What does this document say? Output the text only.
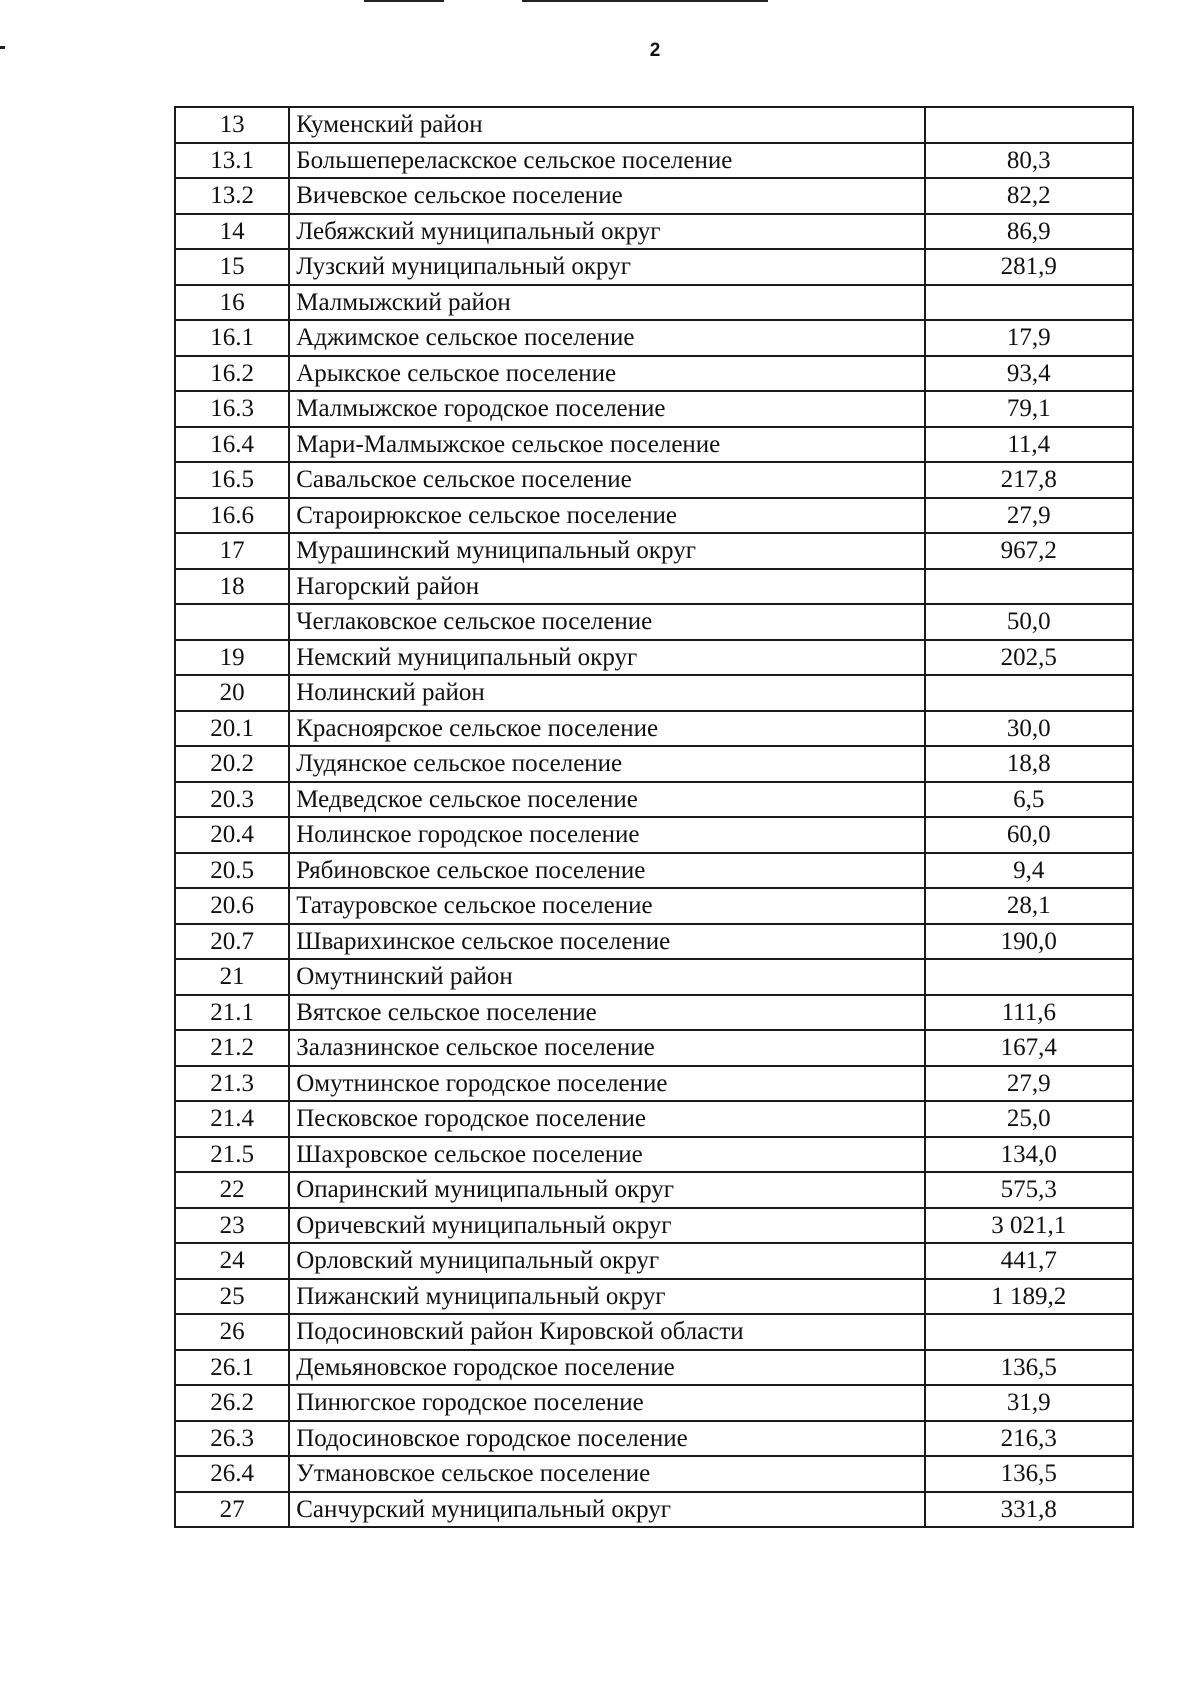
2
13	Куменский район	
13.1	Большепереласкское сельское поселение	80,3
13.2	Вичевское сельское поселение	82,2
14	Лебяжский муниципальный округ	86,9
15	Лузский муниципальный округ	281,9
16	Малмыжский район	
16.1	Аджимское сельское поселение	17,9
16.2	Арыкское сельское поселение	93,4
16.3	Малмыжское городское поселение	79,1
16.4	Мари-Малмыжское сельское поселение	11,4
16.5	Савальское сельское поселение	217,8
16.6	Староирюкское сельское поселение	27,9
17	Мурашинский муниципальный округ	967,2
18	Нагорский район	
	Чеглаковское сельское поселение	50,0
19	Немский муниципальный округ	202,5
20	Нолинский район	
20.1	Красноярское сельское поселение	30,0
20.2	Лудянское сельское поселение	18,8
20.3	Медведское сельское поселение	6,5
20.4	Нолинское городское поселение	60,0
20.5	Рябиновское сельское поселение	9,4
20.6	Татауровское сельское поселение	28,1
20.7	Шварихинское сельское поселение	190,0
21	Омутнинский район	
21.1	Вятское сельское поселение	111,6
21.2	Залазнинское сельское поселение	167,4
21.3	Омутнинское городское поселение	27,9
21.4	Песковское городское поселение	25,0
21.5	Шахровское сельское поселение	134,0
22	Опаринский муниципальный округ	575,3
23	Оричевский муниципальный округ	3 021,1
24	Орловский муниципальный округ	441,7
25	Пижанский муниципальный округ	1 189,2
26	Подосиновский район Кировской области	
26.1	Демьяновское городское поселение	136,5
26.2	Пинюгское городское поселение	31,9
26.3	Подосиновское городское поселение	216,3
26.4	Утмановское сельское поселение	136,5
27	Санчурский муниципальный округ	331,8
